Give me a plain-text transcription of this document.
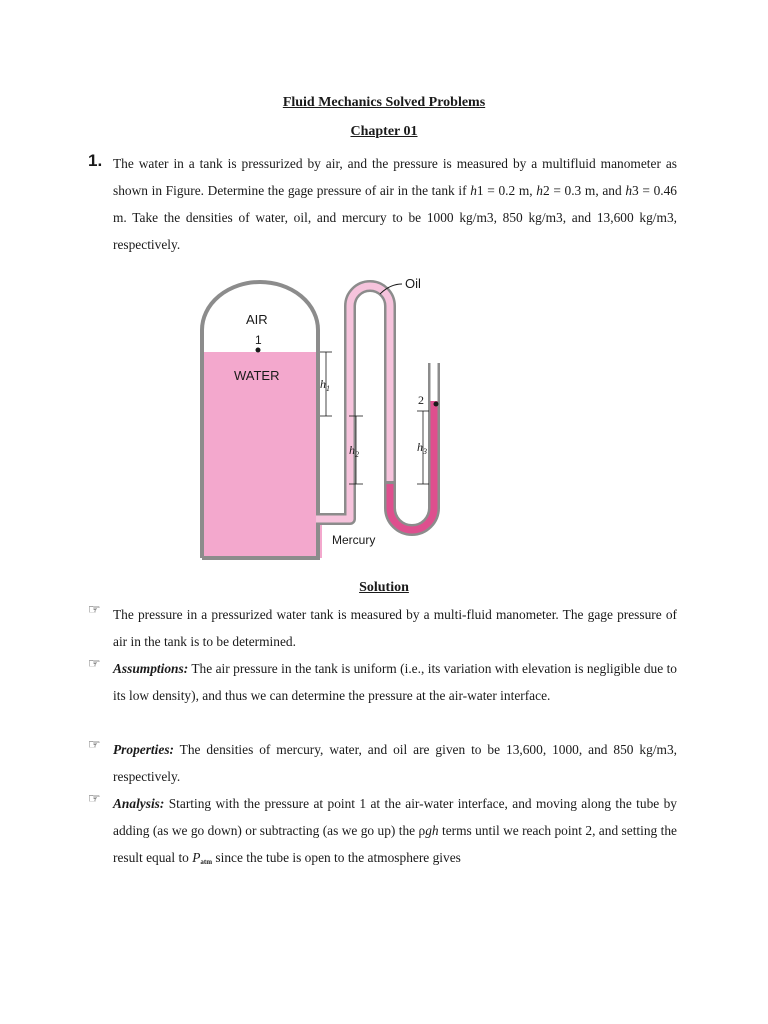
Fluid Mechanics Solved Problems
Chapter 01
1. The water in a tank is pressurized by air, and the pressure is measured by a multifluid manometer as shown in Figure. Determine the gage pressure of air in the tank if h1 = 0.2 m, h2 = 0.3 m, and h3 = 0.46 m. Take the densities of water, oil, and mercury to be 1000 kg/m3, 850 kg/m3, and 13,600 kg/m3, respectively.
AIR
1
WATER
Oil
2
Mercury
$h_1$
$h_2$
$h_3$
Solution
☞ The pressure in a pressurized water tank is measured by a multi-fluid manometer. The gage pressure of air in the tank is to be determined.
☞ Assumptions: The air pressure in the tank is uniform (i.e., its variation with elevation is negligible due to its low density), and thus we can determine the pressure at the air-water interface.
☞ Properties: The densities of mercury, water, and oil are given to be 13,600, 1000, and 850 kg/m3, respectively.
☞ Analysis: Starting with the pressure at point 1 at the air-water interface, and moving along the tube by adding (as we go down) or subtracting (as we go up) the ρgh terms until we reach point 2, and setting the result equal to $P_{atm}$ since the tube is open to the atmosphere gives
